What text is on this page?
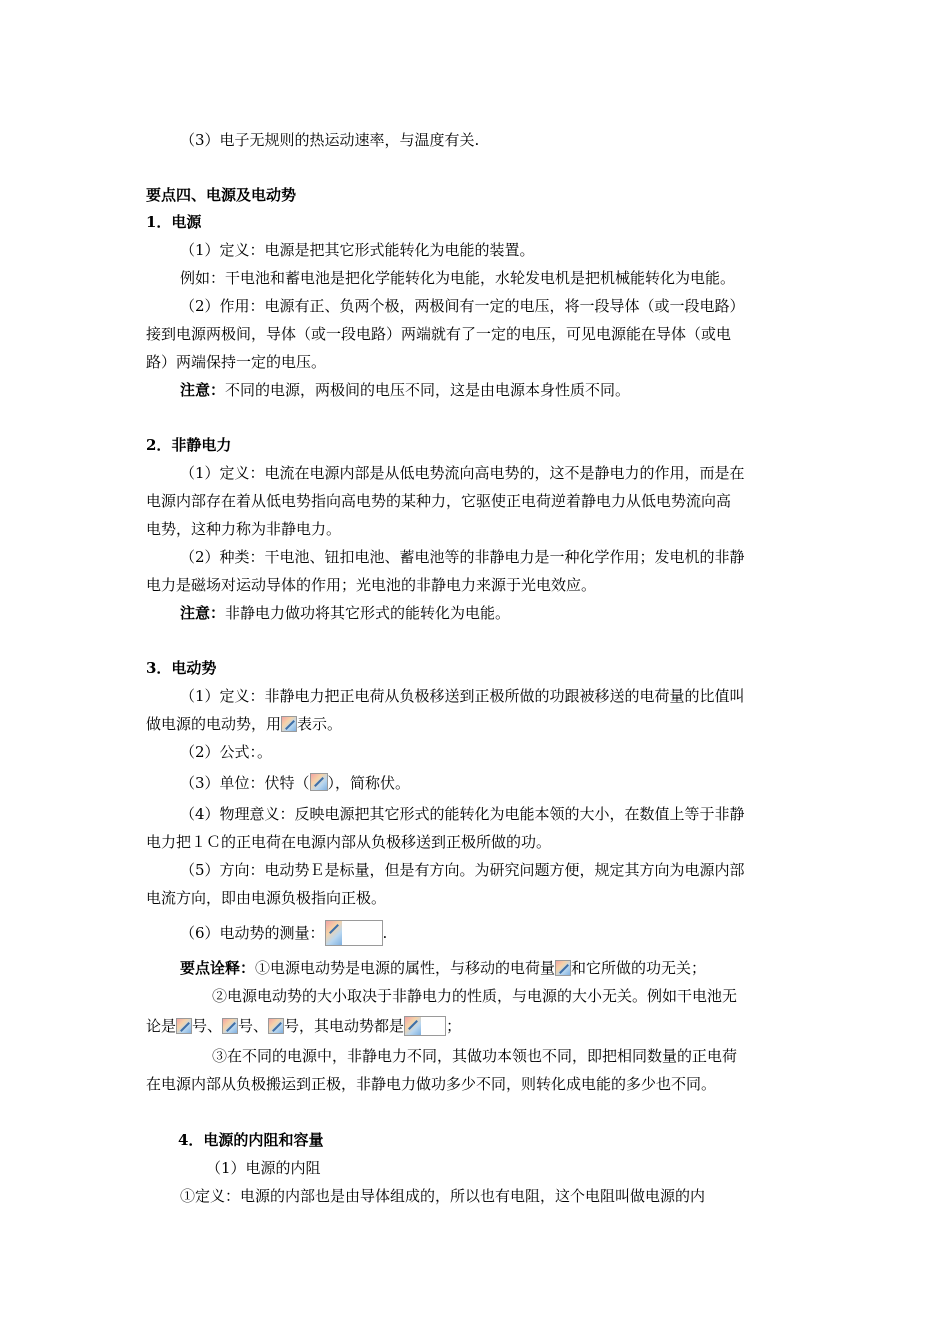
（3）电子无规则的热运动速率，与温度有关.
要点四、电源及电动势
1．电源
（1）定义：电源是把其它形式能转化为电能的装置。
例如：干电池和蓄电池是把化学能转化为电能，水轮发电机是把机械能转化为电能。
（2）作用：电源有正、负两个极，两极间有一定的电压，将一段导体（或一段电路）
接到电源两极间，导体（或一段电路）两端就有了一定的电压，可见电源能在导体（或电
路）两端保持一定的电压。
注意：不同的电源，两极间的电压不同，这是由电源本身性质不同。
2．非静电力
（1）定义：电流在电源内部是从低电势流向高电势的，这不是静电力的作用，而是在
电源内部存在着从低电势指向高电势的某种力，它驱使正电荷逆着静电力从低电势流向高
电势，这种力称为非静电力。
（2）种类：干电池、钮扣电池、蓄电池等的非静电力是一种化学作用；发电机的非静
电力是磁场对运动导体的作用；光电池的非静电力来源于光电效应。
注意：非静电力做功将其它形式的能转化为电能。
3．电动势
（1）定义：非静电力把正电荷从负极移送到正极所做的功跟被移送的电荷量的比值叫
做电源的电动势，用 表示。
（2）公式：。
（3）单位：伏特（ ），简称伏。
（4）物理意义：反映电源把其它形式的能转化为电能本领的大小，在数值上等于非静
电力把１Ｃ的正电荷在电源内部从负极移送到正极所做的功。
（5）方向：电动势Ｅ是标量，但是有方向。为研究问题方便，规定其方向为电源内部
电流方向，即由电源负极指向正极。
（6）电动势的测量：	.
要点诠释：①电源电动势是电源的属性，与移动的电荷量 和它所做的功无关；
②电源电动势的大小取决于非静电力的性质，与电源的大小无关。例如干电池无
论是 号、 号、 号，其电动势都是	；
③在不同的电源中，非静电力不同，其做功本领也不同，即把相同数量的正电荷
在电源内部从负极搬运到正极，非静电力做功多少不同，则转化成电能的多少也不同。
4．电源的内阻和容量
（1）电源的内阻
①定义：电源的内部也是由导体组成的，所以也有电阻，这个电阻叫做电源的内
